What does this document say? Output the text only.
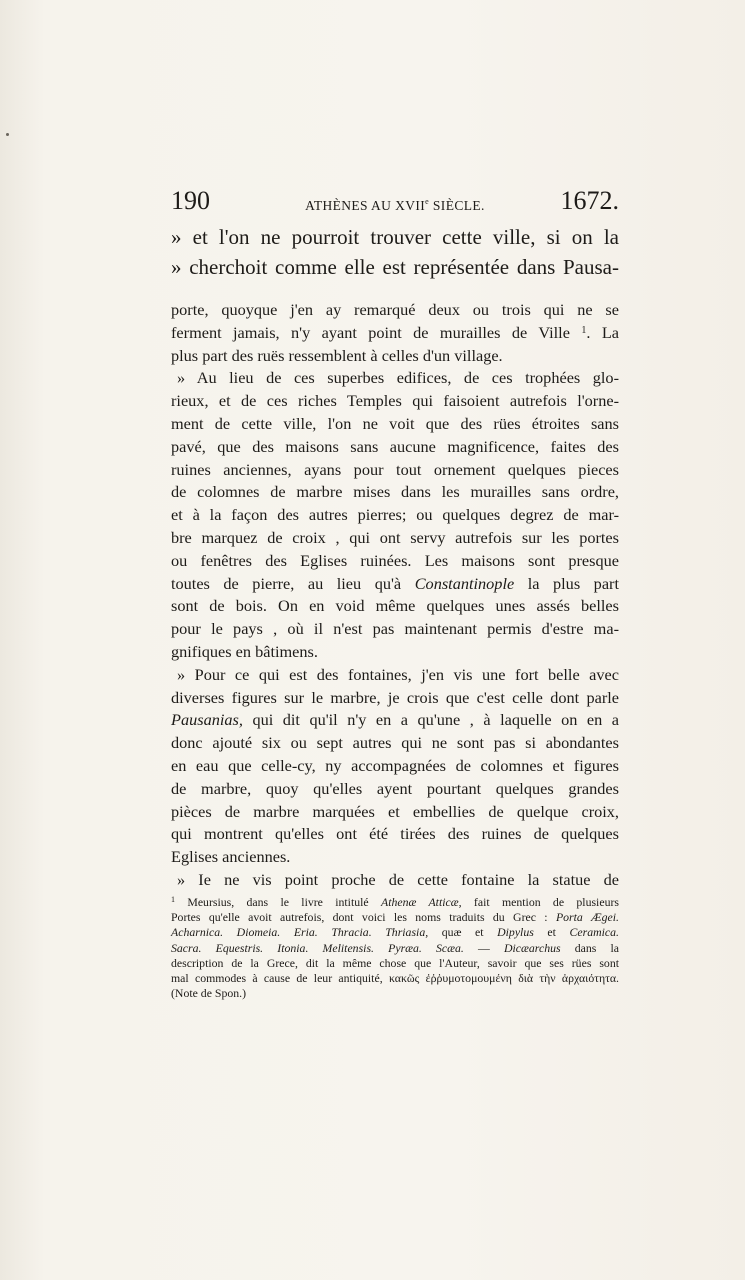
190	ATHÈNES AU XVIIe SIÈCLE.	1672.
» et l'on ne pourroit trouver cette ville, si on la
» cherchoit comme elle est représentée dans Pausa-
porte, quoyque j'en ay remarqué deux ou trois qui ne se
ferment jamais, n'y ayant point de murailles de Ville $^1$. La
plus part des ruës ressemblent à celles d'un village.
» Au lieu de ces superbes edifices, de ces trophées glo-
rieux, et de ces riches Temples qui faisoient autrefois l'orne-
ment de cette ville, l'on ne voit que des rües étroites sans
pavé, que des maisons sans aucune magnificence, faites des
ruines anciennes, ayans pour tout ornement quelques pieces
de colomnes de marbre mises dans les murailles sans ordre,
et à la façon des autres pierres; ou quelques degrez de mar-
bre marquez de croix , qui ont servy autrefois sur les portes
ou fenêtres des Eglises ruinées. Les maisons sont presque
toutes de pierre, au lieu qu'à Constantinople la plus part
sont de bois. On en void même quelques unes assés belles
pour le pays , où il n'est pas maintenant permis d'estre ma-
gnifiques en bâtimens.
» Pour ce qui est des fontaines, j'en vis une fort belle avec
diverses figures sur le marbre, je crois que c'est celle dont parle
Pausanias, qui dit qu'il n'y en a qu'une , à laquelle on en a
donc ajouté six ou sept autres qui ne sont pas si abondantes
en eau que celle-cy, ny accompagnées de colomnes et figures
de marbre, quoy qu'elles ayent pourtant quelques grandes
pièces de marbre marquées et embellies de quelque croix,
qui montrent qu'elles ont été tirées des ruines de quelques
Eglises anciennes.
» Ie ne vis point proche de cette fontaine la statue de
$^1$ Meursius, dans le livre intitulé Athenæ Atticæ, fait mention de plusieurs
Portes qu'elle avoit autrefois, dont voici les noms traduits du Grec : Porta Ægei.
Acharnica. Diomeia. Eria. Thracia. Thriasia, quæ et Dipylus et Ceramica.
Sacra. Equestris. Itonia. Melitensis. Pyræa. Scæa. — Dicæarchus dans la
description de la Grece, dit la même chose que l'Auteur, savoir que ses rües sont
mal commodes à cause de leur antiquité, κακῶς ἐῤῥυμοτομουμένη διὰ τὴν ἀρχαιότητα.
(Note de Spon.)
